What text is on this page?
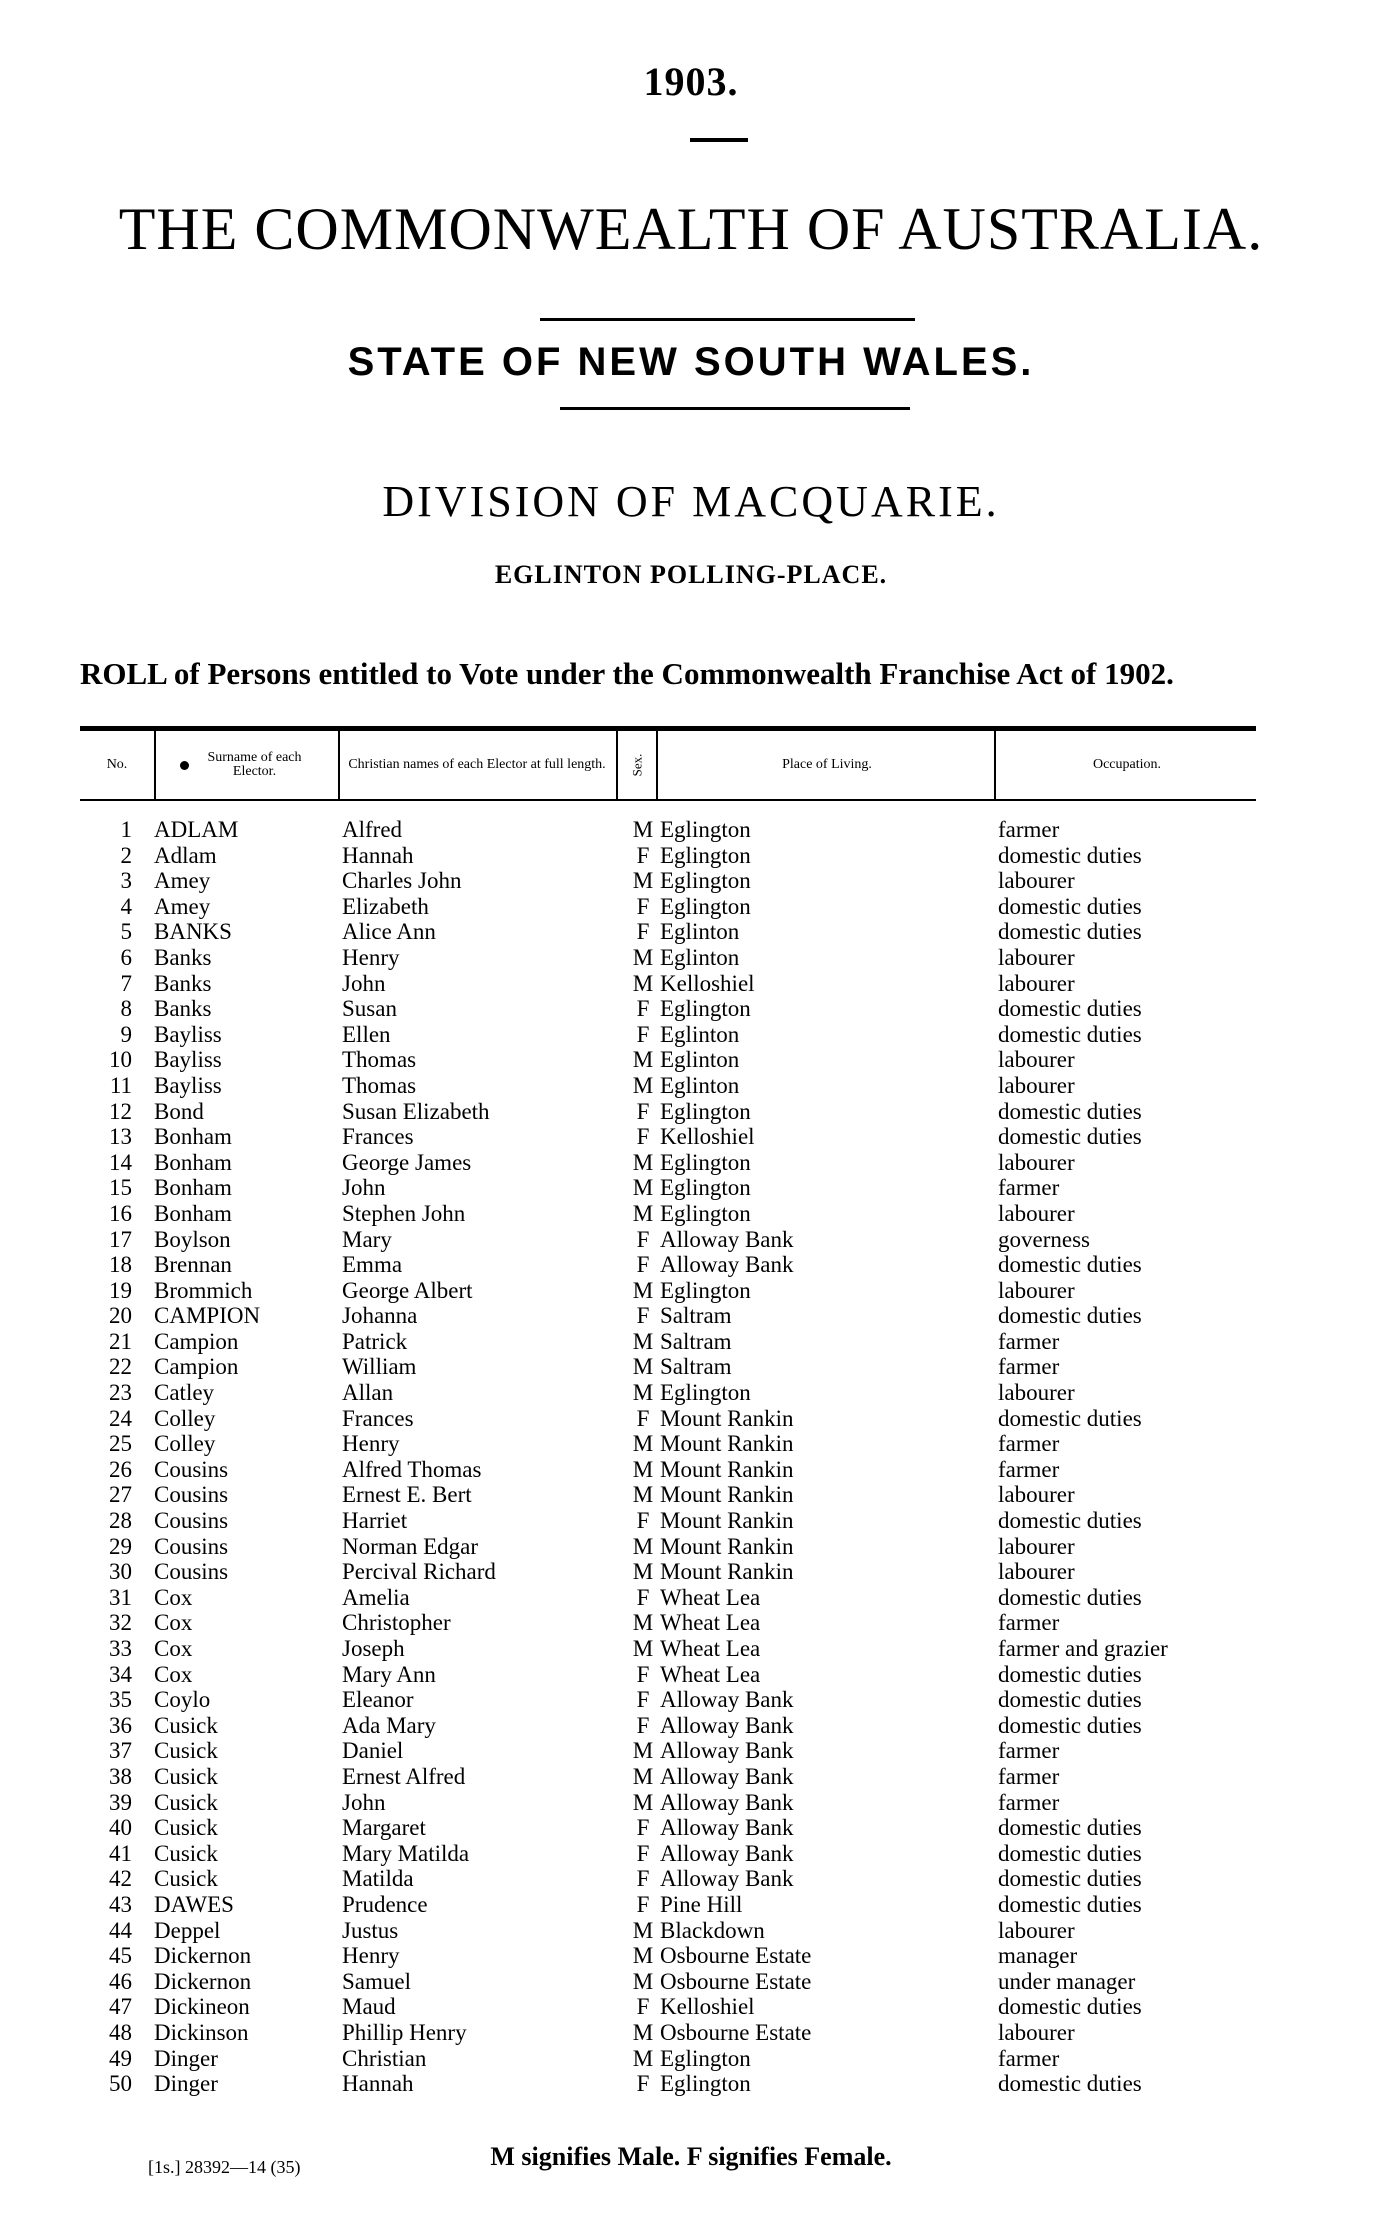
1903.
THE COMMONWEALTH OF AUSTRALIA.
STATE OF NEW SOUTH WALES.
DIVISION OF MACQUARIE.
EGLINTON POLLING-PLACE.
ROLL of Persons entitled to Vote under the Commonwealth Franchise Act of 1902.
No.	Surname of each Elector.	Christian names of each Elector at full length.	Sex.	Place of Living.	Occupation.
1 ADLAM	Alfred	M Eglington	farmer
2 Adlam	Hannah	F Eglington	domestic duties
3 Amey	Charles John	M Eglington	labourer
4 Amey	Elizabeth	F Eglington	domestic duties
5 BANKS	Alice Ann	F Eglinton	domestic duties
6 Banks	Henry	M Eglinton	labourer
7 Banks	John	M Kelloshiel	labourer
8 Banks	Susan	F Eglington	domestic duties
9 Bayliss	Ellen	F Eglinton	domestic duties
10 Bayliss	Thomas	M Eglinton	labourer
11 Bayliss	Thomas	M Eglinton	labourer
12 Bond	Susan Elizabeth	F Eglington	domestic duties
13 Bonham	Frances	F Kelloshiel	domestic duties
14 Bonham	George James	M Eglington	labourer
15 Bonham	John	M Eglington	farmer
16 Bonham	Stephen John	M Eglington	labourer
17 Boylson	Mary	F Alloway Bank	governess
18 Brennan	Emma	F Alloway Bank	domestic duties
19 Brommich	George Albert	M Eglington	labourer
20 CAMPION	Johanna	F Saltram	domestic duties
21 Campion	Patrick	M Saltram	farmer
22 Campion	William	M Saltram	farmer
23 Catley	Allan	M Eglington	labourer
24 Colley	Frances	F Mount Rankin	domestic duties
25 Colley	Henry	M Mount Rankin	farmer
26 Cousins	Alfred Thomas	M Mount Rankin	farmer
27 Cousins	Ernest E. Bert	M Mount Rankin	labourer
28 Cousins	Harriet	F Mount Rankin	domestic duties
29 Cousins	Norman Edgar	M Mount Rankin	labourer
30 Cousins	Percival Richard	M Mount Rankin	labourer
31 Cox	Amelia	F Wheat Lea	domestic duties
32 Cox	Christopher	M Wheat Lea	farmer
33 Cox	Joseph	M Wheat Lea	farmer and grazier
34 Cox	Mary Ann	F Wheat Lea	domestic duties
35 Coylo	Eleanor	F Alloway Bank	domestic duties
36 Cusick	Ada Mary	F Alloway Bank	domestic duties
37 Cusick	Daniel	M Alloway Bank	farmer
38 Cusick	Ernest Alfred	M Alloway Bank	farmer
39 Cusick	John	M Alloway Bank	farmer
40 Cusick	Margaret	F Alloway Bank	domestic duties
41 Cusick	Mary Matilda	F Alloway Bank	domestic duties
42 Cusick	Matilda	F Alloway Bank	domestic duties
43 DAWES	Prudence	F Pine Hill	domestic duties
44 Deppel	Justus	M Blackdown	labourer
45 Dickernon	Henry	M Osbourne Estate	manager
46 Dickernon	Samuel	M Osbourne Estate	under manager
47 Dickineon	Maud	F Kelloshiel	domestic duties
48 Dickinson	Phillip Henry	M Osbourne Estate	labourer
49 Dinger	Christian	M Eglington	farmer
50 Dinger	Hannah	F Eglington	domestic duties
M signifies Male. F signifies Female.
[1s.] 28392—14 (35)
